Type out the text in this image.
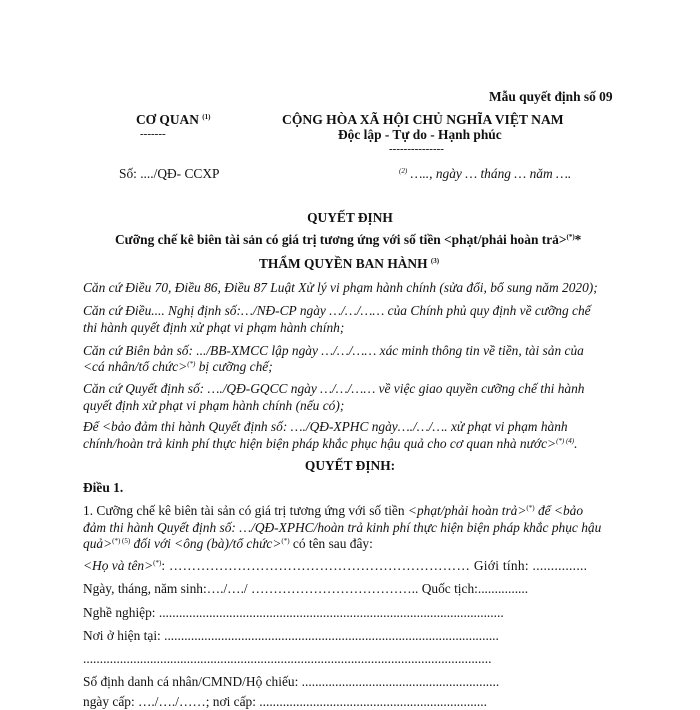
Mẫu quyết định số 09
CƠ QUAN $^{(1)}$
-------
CỘNG HÒA XÃ HỘI CHỦ NGHĨA VIỆT NAM
Độc lập - Tự do - Hạnh phúc
---------------
Số: ..../QĐ- CCXP	$^{(2)}$ ….., ngày … tháng … năm ….
QUYẾT ĐỊNH
Cưỡng chế kê biên tài sản có giá trị tương ứng với số tiền <phạt/phải hoàn trả>(*)*
THẨM QUYỀN BAN HÀNH $^{(3)}$
Căn cứ Điều 70, Điều 86, Điều 87 Luật Xử lý vi phạm hành chính (sửa đổi, bổ sung năm 2020);
Căn cứ Điều.... Nghị định số:…/NĐ-CP ngày …/…/…… của Chính phủ quy định về cưỡng chế
thi hành quyết định xử phạt vi phạm hành chính;
Căn cứ Biên bản số: .../BB-XMCC lập ngày …/…/…… xác minh thông tin về tiền, tài sản của
<cá nhân/tổ chức>(*) bị cưỡng chế;
Căn cứ Quyết định số: …./QĐ-GQCC ngày …/…/…… về việc giao quyền cưỡng chế thi hành
quyết định xử phạt vi phạm hành chính (nếu có);
Để <bảo đảm thi hành Quyết định số: …./QĐ-XPHC ngày…./…/…. xử phạt vi phạm hành
chính/hoàn trả kinh phí thực hiện biện pháp khắc phục hậu quả cho cơ quan nhà nước>$^{(*) (4)}$.
QUYẾT ĐỊNH:
Điều 1.
1. Cưỡng chế kê biên tài sản có giá trị tương ứng với số tiền <phạt/phải hoàn trả>(*) để <bảo
đảm thi hành Quyết định số: …/QĐ-XPHC/hoàn trả kinh phí thực hiện biện pháp khắc phục hậu
quả>$^{(*) (5)}$ đối với <ông (bà)/tổ chức>(*) có tên sau đây:
<Họ và tên>(*): ………………………………………………………… Giới tính: ...............
Ngày, tháng, năm sinh:…./…./ ……………………………….. Quốc tịch:...............
Nghề nghiệp: .......................................................................................................
Nơi ở hiện tại: ....................................................................................................
..........................................................................................................................
Số định danh cá nhân/CMND/Hộ chiếu: ...........................................................
ngày cấp: …./…./……; nơi cấp: ....................................................................
